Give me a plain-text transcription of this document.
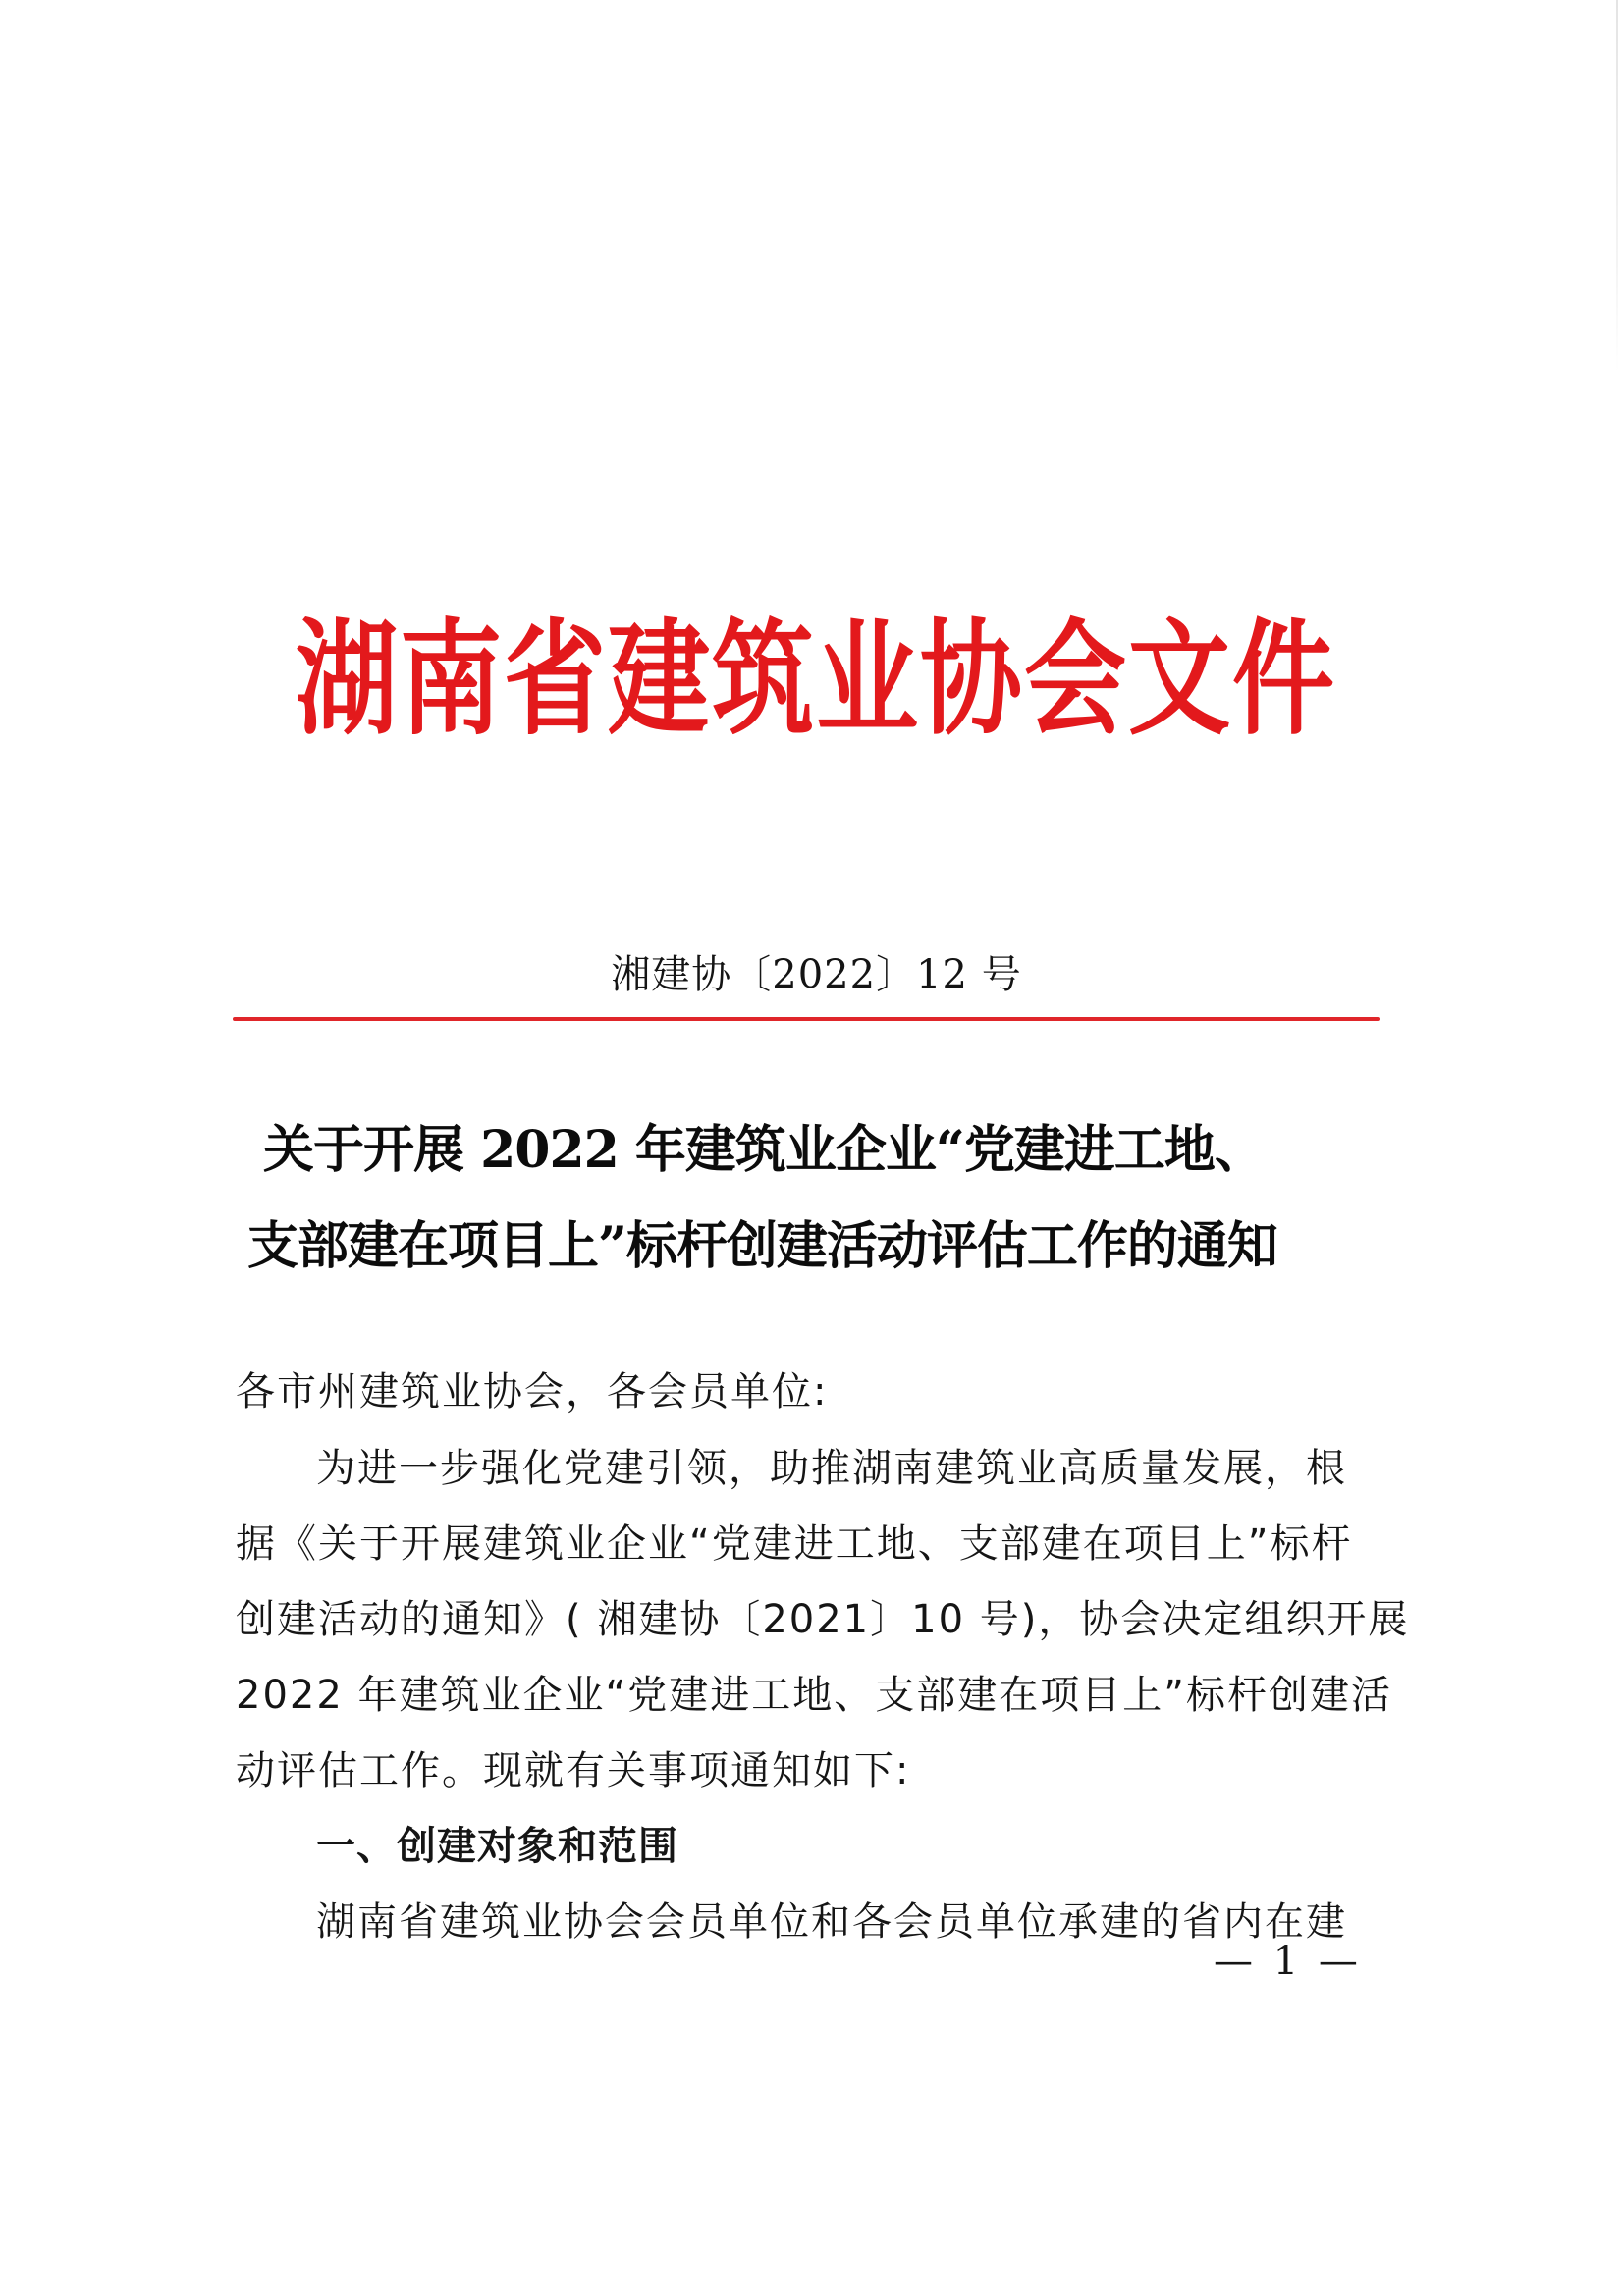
湖 南 省 建 筑 业 协 会 文 件
湘建协〔2022〕12 号
关于开展 2022 年建筑业企业“党建进工地、
支部建在项目上”标杆创建活动评估工作的通知
各市州建筑业协会，各会员单位:
为进一步强化党建引领，助推湖南建筑业高质量发展，根
据《关于开展建筑业企业“党建进工地、支部建在项目上”标杆
创建活动的通知》( 湘建协〔2021〕10 号)，协会决定组织开展
2022 年建筑业企业“党建进工地、支部建在项目上”标杆创建活
动评估工作。现就有关事项通知如下:
一、创建对象和范围
湖南省建筑业协会会员单位和各会员单位承建的省内在建
— 1 —
